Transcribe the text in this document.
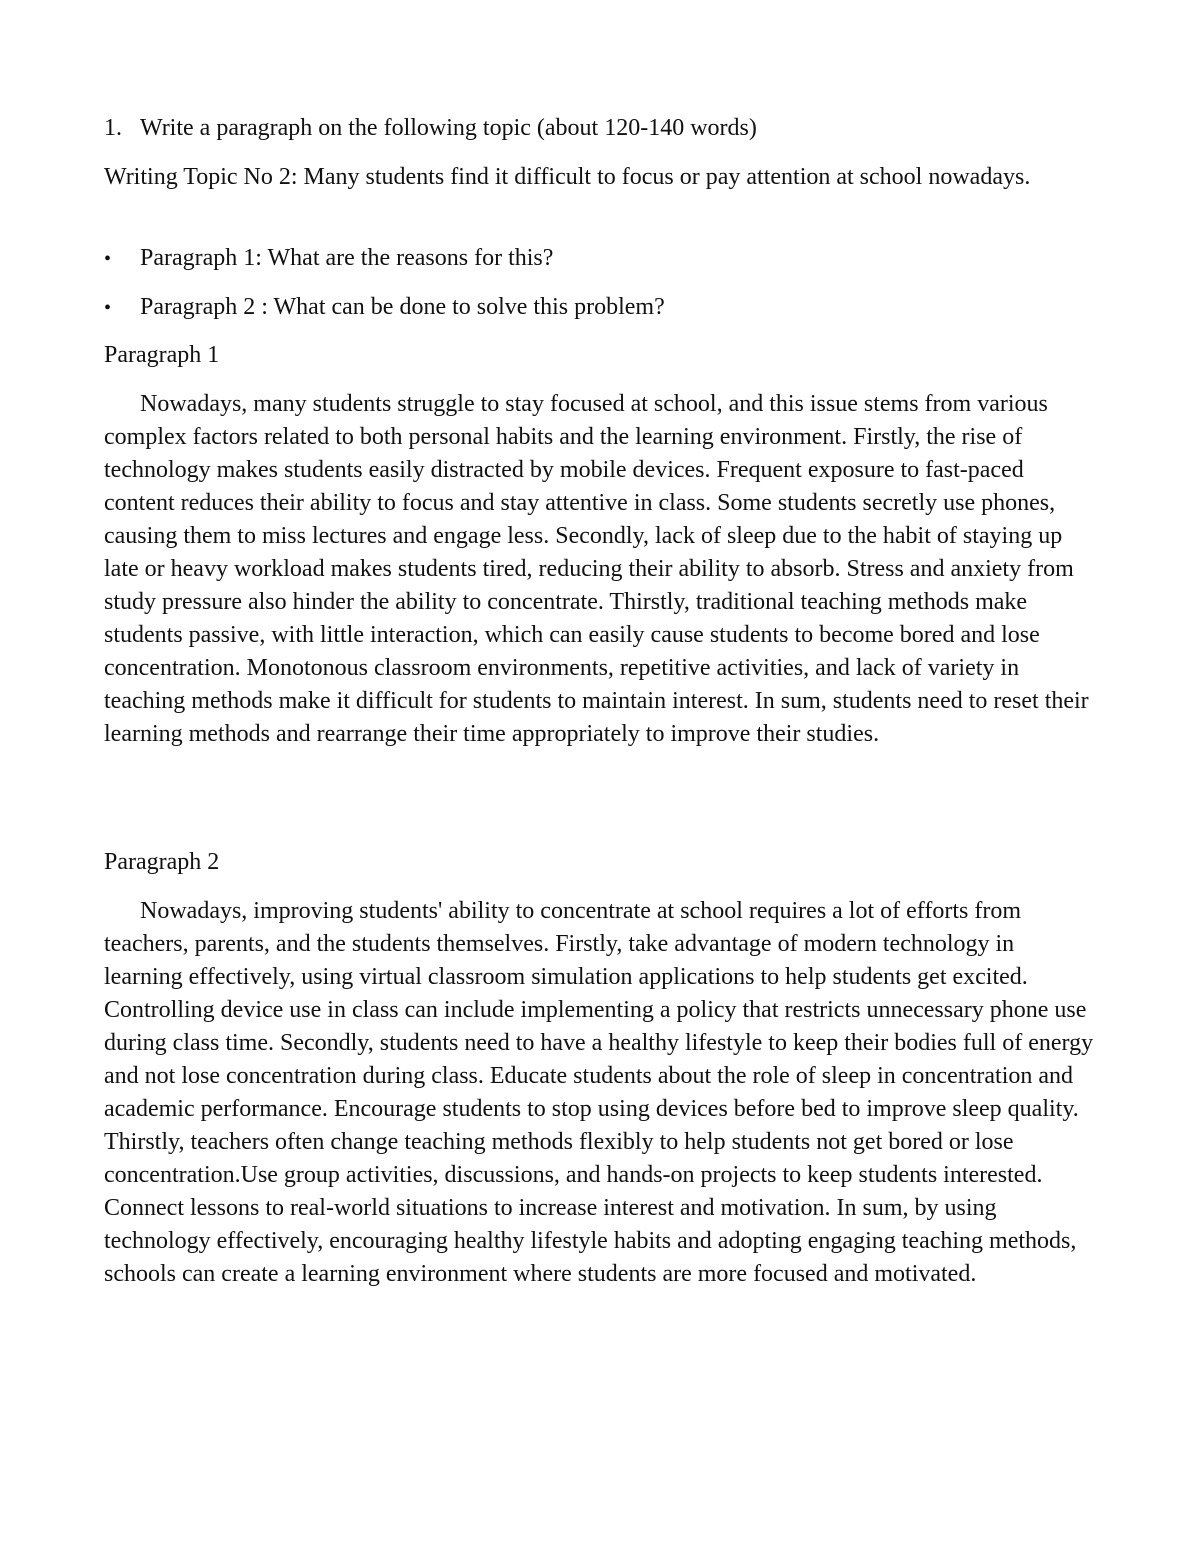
1. Write a paragraph on the following topic (about 120-140 words)

Writing Topic No 2: Many students find it difficult to focus or pay attention at school nowadays.

•	Paragraph 1: What are the reasons for this?
•	Paragraph 2 : What can be done to solve this problem?

Paragraph 1

Nowadays, many students struggle to stay focused at school, and this issue stems from various complex factors related to both personal habits and the learning environment. Firstly, the rise of technology makes students easily distracted by mobile devices. Frequent exposure to fast-paced content reduces their ability to focus and stay attentive in class. Some students secretly use phones, causing them to miss lectures and engage less. Secondly, lack of sleep due to the habit of staying up late or heavy workload makes students tired, reducing their ability to absorb. Stress and anxiety from study pressure also hinder the ability to concentrate. Thirstly, traditional teaching methods make students passive, with little interaction, which can easily cause students to become bored and lose concentration. Monotonous classroom environments, repetitive activities, and lack of variety in teaching methods make it difficult for students to maintain interest. In sum, students need to reset their learning methods and rearrange their time appropriately to improve their studies.

Paragraph 2

Nowadays, improving students' ability to concentrate at school requires a lot of efforts from teachers, parents, and the students themselves. Firstly, take advantage of modern technology in learning effectively, using virtual classroom simulation applications to help students get excited. Controlling device use in class can include implementing a policy that restricts unnecessary phone use during class time. Secondly, students need to have a healthy lifestyle to keep their bodies full of energy and not lose concentration during class. Educate students about the role of sleep in concentration and academic performance. Encourage students to stop using devices before bed to improve sleep quality. Thirstly, teachers often change teaching methods flexibly to help students not get bored or lose concentration.Use group activities, discussions, and hands-on projects to keep students interested. Connect lessons to real-world situations to increase interest and motivation. In sum, by using technology effectively, encouraging healthy lifestyle habits and adopting engaging teaching methods, schools can create a learning environment where students are more focused and motivated.
